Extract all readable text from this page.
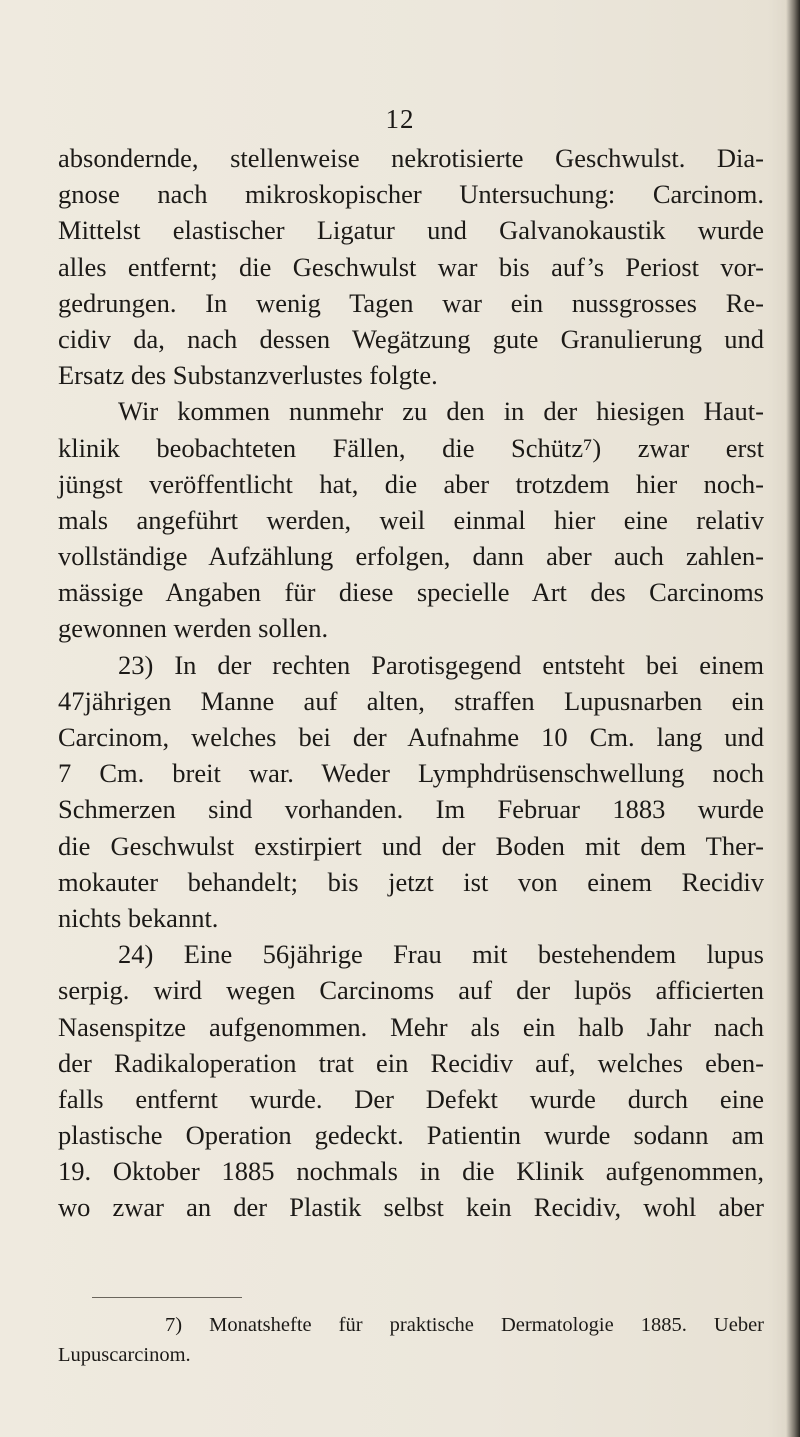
12
absondernde, stellenweise nekrotisierte Geschwulst. Dia-
gnose nach mikroskopischer Untersuchung: Carcinom.
Mittelst elastischer Ligatur und Galvanokaustik wurde
alles entfernt; die Geschwulst war bis auf’s Periost vor-
gedrungen. In wenig Tagen war ein nussgrosses Re-
cidiv da, nach dessen Wegätzung gute Granulierung und
Ersatz des Substanzverlustes folgte.
Wir kommen nunmehr zu den in der hiesigen Haut-
klinik beobachteten Fällen, die Schütz⁷) zwar erst
jüngst veröffentlicht hat, die aber trotzdem hier noch-
mals angeführt werden, weil einmal hier eine relativ
vollständige Aufzählung erfolgen, dann aber auch zahlen-
mässige Angaben für diese specielle Art des Carcinoms
gewonnen werden sollen.
23) In der rechten Parotisgegend entsteht bei einem
47jährigen Manne auf alten, straffen Lupusnarben ein
Carcinom, welches bei der Aufnahme 10 Cm. lang und
7 Cm. breit war. Weder Lymphdrüsenschwellung noch
Schmerzen sind vorhanden. Im Februar 1883 wurde
die Geschwulst exstirpiert und der Boden mit dem Ther-
mokauter behandelt; bis jetzt ist von einem Recidiv
nichts bekannt.
24) Eine 56jährige Frau mit bestehendem lupus
serpig. wird wegen Carcinoms auf der lupös afficierten
Nasenspitze aufgenommen. Mehr als ein halb Jahr nach
der Radikaloperation trat ein Recidiv auf, welches eben-
falls entfernt wurde. Der Defekt wurde durch eine
plastische Operation gedeckt. Patientin wurde sodann am
19. Oktober 1885 nochmals in die Klinik aufgenommen,
wo zwar an der Plastik selbst kein Recidiv, wohl aber
7) Monatshefte für praktische Dermatologie 1885. Ueber
Lupuscarcinom.
